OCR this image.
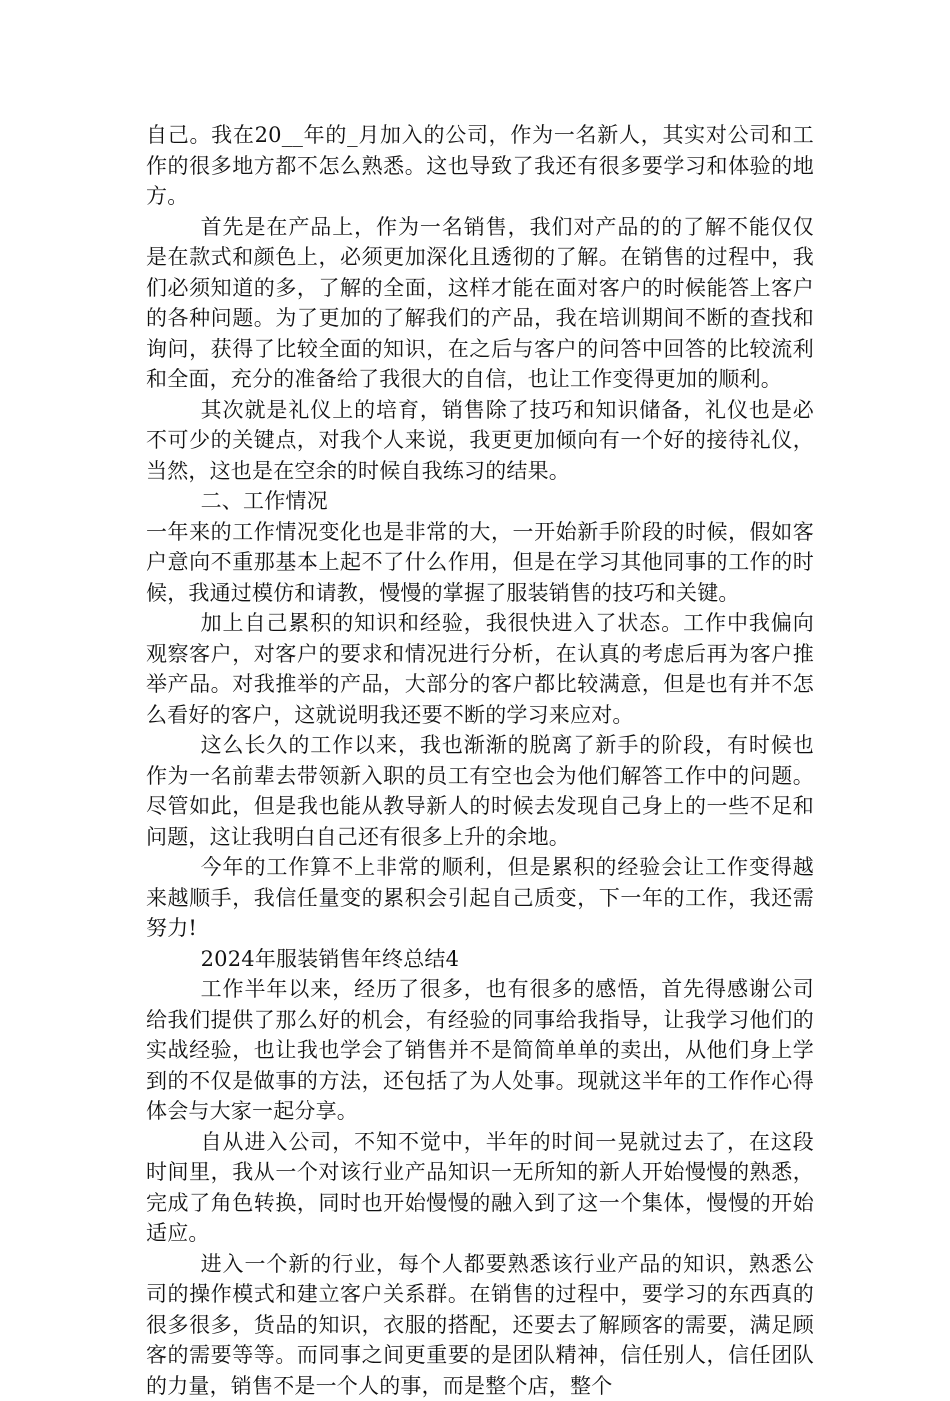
自己。我在20__年的_月加入的公司，作为一名新人，其实对公司和工作的很多地方都不怎么熟悉。这也导致了我还有很多要学习和体验的地方。

首先是在产品上，作为一名销售，我们对产品的的了解不能仅仅是在款式和颜色上，必须更加深化且透彻的了解。在销售的过程中，我们必须知道的多，了解的全面，这样才能在面对客户的时候能答上客户的各种问题。为了更加的了解我们的产品，我在培训期间不断的查找和询问，获得了比较全面的知识，在之后与客户的问答中回答的比较流利和全面，充分的准备给了我很大的自信，也让工作变得更加的顺利。

其次就是礼仪上的培育，销售除了技巧和知识储备，礼仪也是必不可少的关键点，对我个人来说，我更更加倾向有一个好的接待礼仪，当然，这也是在空余的时候自我练习的结果。

二、工作情况

一年来的工作情况变化也是非常的大，一开始新手阶段的时候，假如客户意向不重那基本上起不了什么作用，但是在学习其他同事的工作的时候，我通过模仿和请教，慢慢的掌握了服装销售的技巧和关键。

加上自己累积的知识和经验，我很快进入了状态。工作中我偏向观察客户，对客户的要求和情况进行分析，在认真的考虑后再为客户推举产品。对我推举的产品，大部分的客户都比较满意，但是也有并不怎么看好的客户，这就说明我还要不断的学习来应对。

这么长久的工作以来，我也渐渐的脱离了新手的阶段，有时候也作为一名前辈去带领新入职的员工有空也会为他们解答工作中的问题。尽管如此，但是我也能从教导新人的时候去发现自己身上的一些不足和问题，这让我明白自己还有很多上升的余地。

今年的工作算不上非常的顺利，但是累积的经验会让工作变得越来越顺手，我信任量变的累积会引起自己质变，下一年的工作，我还需努力!

2024年服装销售年终总结4

工作半年以来，经历了很多，也有很多的感悟，首先得感谢公司给我们提供了那么好的机会，有经验的同事给我指导，让我学习他们的实战经验，也让我也学会了销售并不是简简单单的卖出，从他们身上学到的不仅是做事的方法，还包括了为人处事。现就这半年的工作作心得体会与大家一起分享。

自从进入公司，不知不觉中，半年的时间一晃就过去了，在这段时间里，我从一个对该行业产品知识一无所知的新人开始慢慢的熟悉，完成了角色转换，同时也开始慢慢的融入到了这一个集体，慢慢的开始适应。

进入一个新的行业，每个人都要熟悉该行业产品的知识，熟悉公司的操作模式和建立客户关系群。在销售的过程中，要学习的东西真的很多很多，货品的知识，衣服的搭配，还要去了解顾客的需要，满足顾客的需要等等。而同事之间更重要的是团队精神，信任别人，信任团队的力量，销售不是一个人的事，而是整个店，整个
